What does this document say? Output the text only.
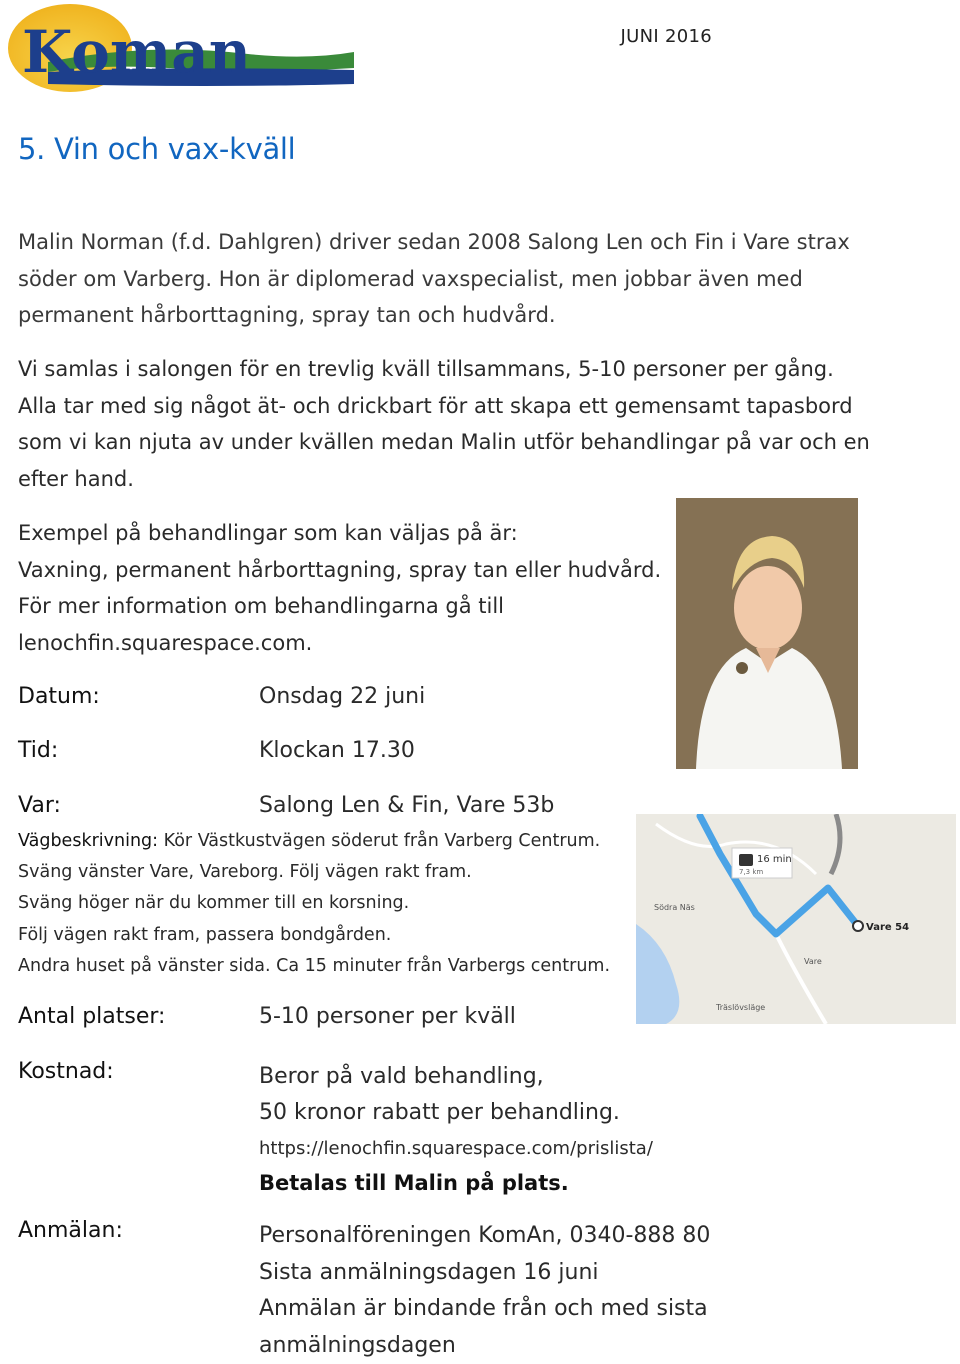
Koman	JUNI 2016
5. Vin och vax-kväll

Malin Norman (f.d. Dahlgren) driver sedan 2008 Salong Len och Fin i Vare strax söder om Varberg. Hon är diplomerad vaxspecialist, men jobbar även med permanent hårborttagning, spray tan och hudvård.

Vi samlas i salongen för en trevlig kväll tillsammans, 5-10 personer per gång. Alla tar med sig något ät- och drickbart för att skapa ett gemensamt tapasbord som vi kan njuta av under kvällen medan Malin utför behandlingar på var och en efter hand.

Exempel på behandlingar som kan väljas på är:
Vaxning, permanent hårborttagning, spray tan eller hudvård.
För mer information om behandlingarna gå till lenochfin.squarespace.com.
Datum:	Onsdag 22 juni
Tid:	Klockan 17.30
Var:	Salong Len & Fin, Vare 53b
Vägbeskrivning: Kör Västkustvägen söderut från Varberg Centrum.
Sväng vänster Vare, Vareborg. Följ vägen rakt fram.
Sväng höger när du kommer till en korsning.
Följ vägen rakt fram, passera bondgården.
Andra huset på vänster sida. Ca 15 minuter från Varbergs centrum.
16 min
7,3 km
Vare 54
Södra Näs
Vare
Träslövsläge
Antal platser:	5-10 personer per kväll
Kostnad:	Beror på vald behandling,
50 kronor rabatt per behandling.
https://lenochfin.squarespace.com/prislista/
Betalas till Malin på plats.
Anmälan:	Personalföreningen KomAn, 0340-888 80
Sista anmälningsdagen 16 juni
Anmälan är bindande från och med sista
anmälningsdagen
